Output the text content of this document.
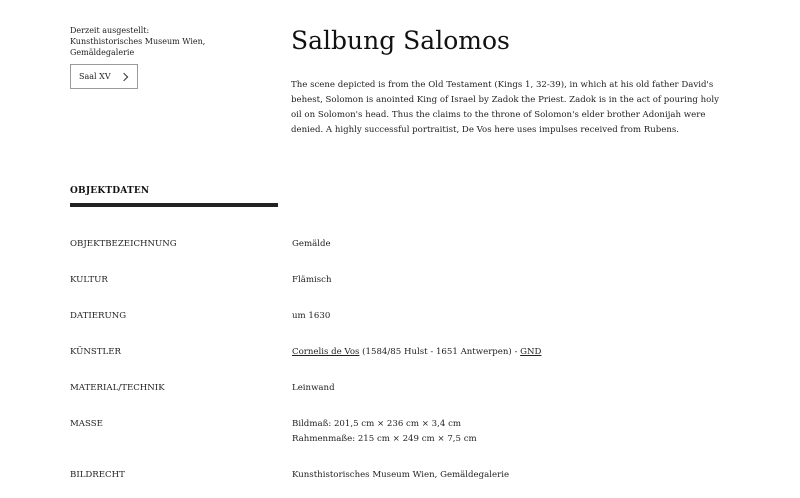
Derzeit ausgestellt:
Kunsthistorisches Museum Wien,
Gemäldegalerie
Saal XV
Salbung Salomos
The scene depicted is from the Old Testament (Kings 1, 32-39), in which at his old father David's behest, Solomon is anointed King of Israel by Zadok the Priest. Zadok is in the act of pouring holy oil on Solomon's head. Thus the claims to the throne of Solomon's elder brother Adonijah were denied. A highly successful portraitist, De Vos here uses impulses received from Rubens.
OBJEKTDATEN
OBJEKTBEZEICHNUNG	Gemälde
KULTUR	Flämisch
DATIERUNG	um 1630
KÜNSTLER	Cornelis de Vos (1584/85 Hulst - 1651 Antwerpen) - GND
MATERIAL/TECHNIK	Leinwand
MASSE	Bildmaß: 201,5 cm × 236 cm × 3,4 cm
Rahmenmaße: 215 cm × 249 cm × 7,5 cm
BILDRECHT	Kunsthistorisches Museum Wien, Gemäldegalerie
